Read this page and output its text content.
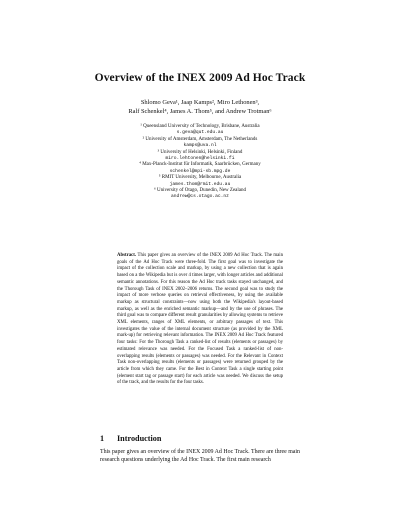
Overview of the INEX 2009 Ad Hoc Track
Shlomo Geva¹, Jaap Kamps², Miro Lethonen³,
Ralf Schenkel⁴, James A. Thom⁵, and Andrew Trotman⁶
¹ Queensland University of Technology, Brisbane, Australia
s.geva@qut.edu.au
² University of Amsterdam, Amsterdam, The Netherlands
kamps@uva.nl
³ University of Helsinki, Helsinki, Finland
miro.lehtonen@helsinki.fi
⁴ Max-Planck-Institut für Informatik, Saarbrücken, Germany
schenkel@mpi-sb.mpg.de
⁵ RMIT University, Melbourne, Australia
james.thom@rmit.edu.au
⁶ University of Otago, Dunedin, New Zealand
andrew@cs.otago.ac.nz
Abstract. This paper gives an overview of the INEX 2009 Ad Hoc Track. The main goals of the Ad Hoc Track were three-fold. The first goal was to investigate the impact of the collection scale and markup, by using a new collection that is again based on a the Wikipedia but is over 4 times larger, with longer articles and additional semantic annotations. For this reason the Ad Hoc track tasks stayed unchanged, and the Thorough Task of INEX 2002–2006 returns. The second goal was to study the impact of more verbose queries on retrieval effectiveness, by using the available markup as structural constraints—now using both the Wikipedia's layout-based markup, as well as the enriched semantic markup—and by the use of phrases. The third goal was to compare different result granularities by allowing systems to retrieve XML elements, ranges of XML elements, or arbitrary passages of text. This investigates the value of the internal document structure (as provided by the XML mark-up) for retrieving relevant information. The INEX 2009 Ad Hoc Track featured four tasks: For the Thorough Task a ranked-list of results (elements or passages) by estimated relevance was needed. For the Focused Task a ranked-list of non-overlapping results (elements or passages) was needed. For the Relevant in Context Task non-overlapping results (elements or passages) were returned grouped by the article from which they came. For the Best in Context Task a single starting point (element start tag or passage start) for each article was needed. We discuss the setup of the track, and the results for the four tasks.
1 Introduction
This paper gives an overview of the INEX 2009 Ad Hoc Track. There are three main research questions underlying the Ad Hoc Track. The first main research
